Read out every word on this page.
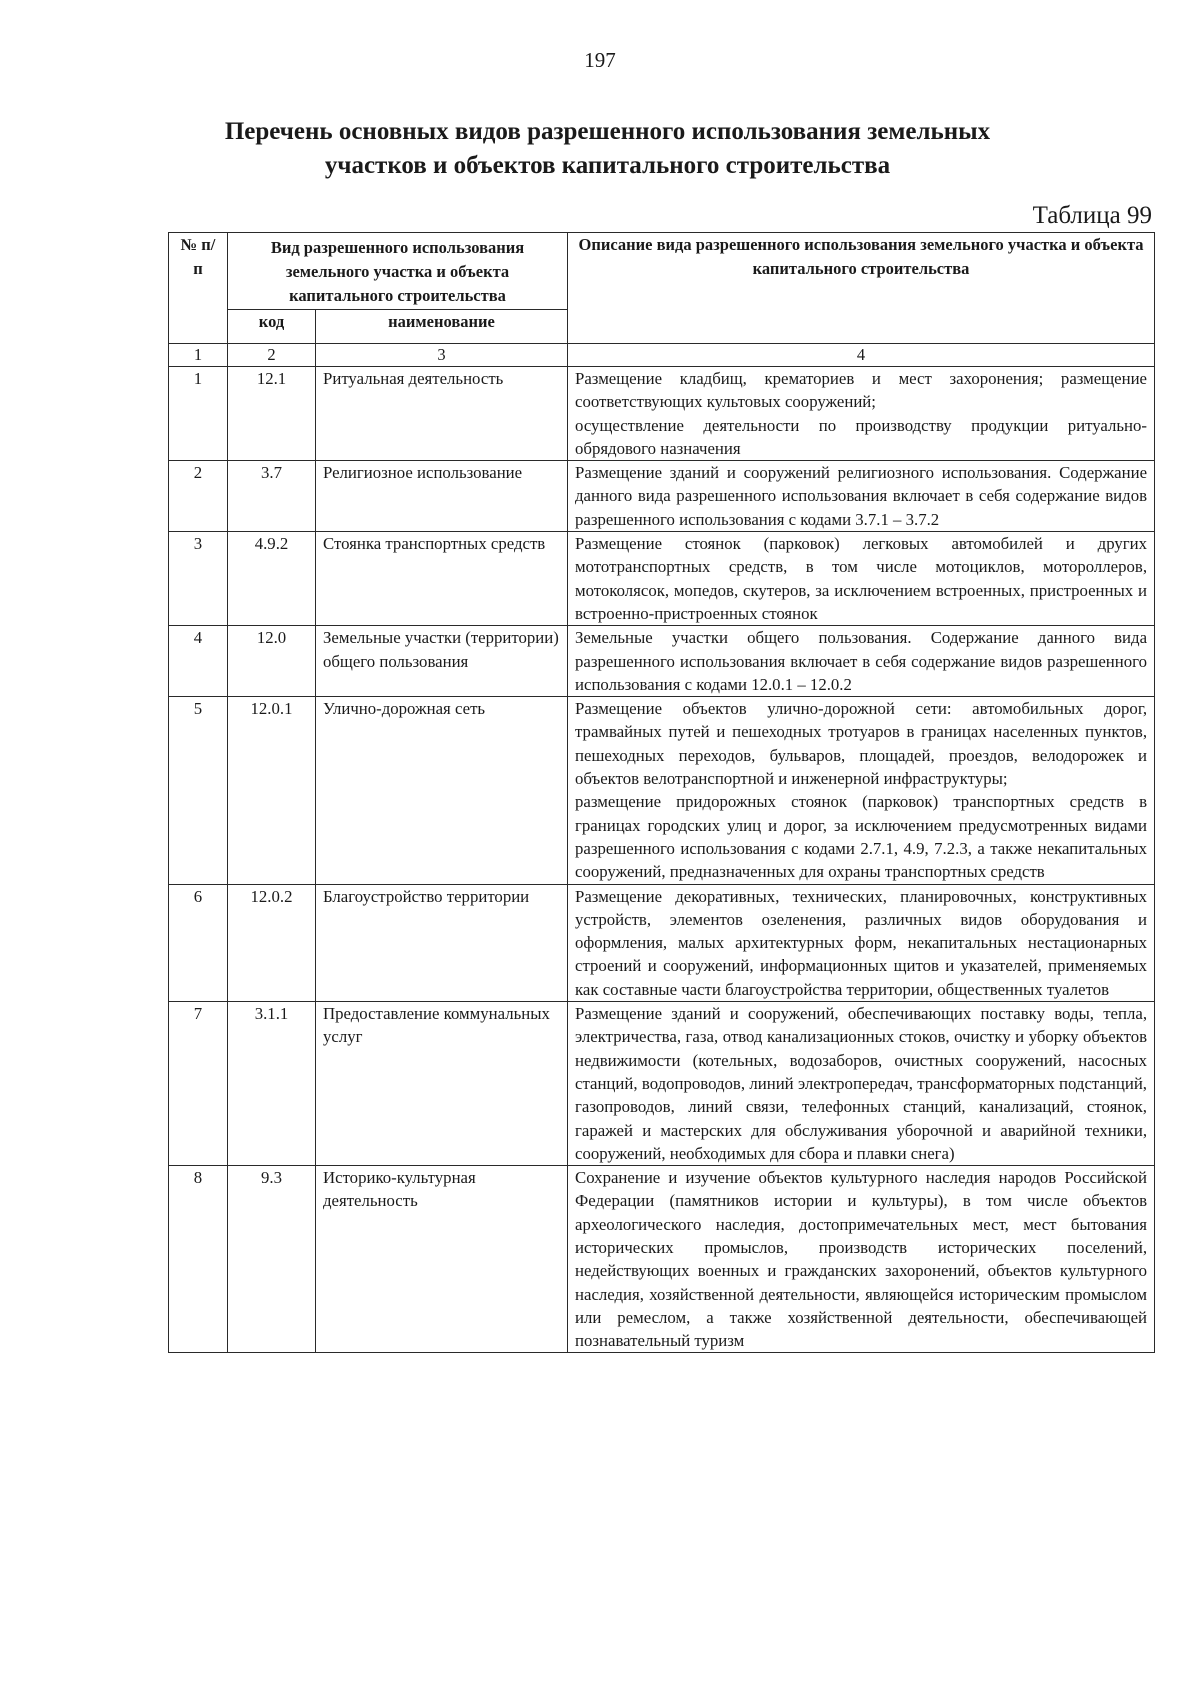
197
Перечень основных видов разрешенного использования земельных
участков и объектов капитального строительства
Таблица 99
№ п/п	Вид разрешенного использования земельного участка и объекта капитального строительства		Описание вида разрешенного использования земельного участка и объекта капитального строительства
	код	наименование	
1	2	3	4
1	12.1	Ритуальная деятельность	Размещение кладбищ, крематориев и мест захоронения; размещение соответствующих культовых сооружений;
осуществление деятельности по производству продукции ритуально-обрядового назначения

2	3.7	Религиозное использование	Размещение зданий и сооружений религиозного использования. Содержание данного вида разрешенного использования включает в себя содержание видов разрешенного использования с кодами 3.7.1 – 3.7.2

3	4.9.2	Стоянка транспортных средств	Размещение стоянок (парковок) легковых автомобилей и других мототранспортных средств, в том числе мотоциклов, мотороллеров, мотоколясок, мопедов, скутеров, за исключением встроенных, пристроенных и встроенно-пристроенных стоянок

4	12.0	Земельные участки (территории) общего пользования	Земельные участки общего пользования. Содержание данного вида разрешенного использования включает в себя содержание видов разрешенного использования с кодами 12.0.1 – 12.0.2

5	12.0.1	Улично-дорожная сеть	Размещение объектов улично-дорожной сети: автомобильных дорог, трамвайных путей и пешеходных тротуаров в границах населенных пунктов, пешеходных переходов, бульваров, площадей, проездов, велодорожек и объектов велотранспортной и инженерной инфраструктуры;
размещение придорожных стоянок (парковок) транспортных средств в границах городских улиц и дорог, за исключением предусмотренных видами разрешенного использования с кодами 2.7.1, 4.9, 7.2.3, а также некапитальных сооружений, предназначенных для охраны транспортных средств

6	12.0.2	Благоустройство территории	Размещение декоративных, технических, планировочных, конструктивных устройств, элементов озеленения, различных видов оборудования и оформления, малых архитектурных форм, некапитальных нестационарных строений и сооружений, информационных щитов и указателей, применяемых как составные части благоустройства территории, общественных туалетов

7	3.1.1	Предоставление коммунальных услуг	Размещение зданий и сооружений, обеспечивающих поставку воды, тепла, электричества, газа, отвод канализационных стоков, очистку и уборку объектов недвижимости (котельных, водозаборов, очистных сооружений, насосных станций, водопроводов, линий электропередач, трансформаторных подстанций, газопроводов, линий связи, телефонных станций, канализаций, стоянок, гаражей и мастерских для обслуживания уборочной и аварийной техники, сооружений, необходимых для сбора и плавки снега)

8	9.3	Историко-культурная деятельность	Сохранение и изучение объектов культурного наследия народов Российской Федерации (памятников истории и культуры), в том числе объектов археологического наследия, достопримечательных мест, мест бытования исторических промыслов, производств исторических поселений, недействующих военных и гражданских захоронений, объектов культурного наследия, хозяйственной деятельности, являющейся историческим промыслом или ремеслом, а также хозяйственной деятельности, обеспечивающей познавательный туризм
